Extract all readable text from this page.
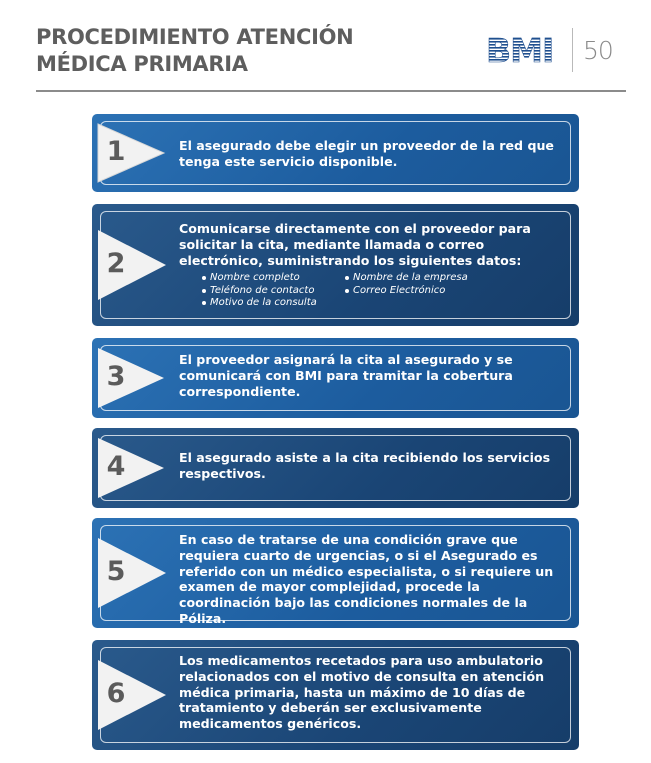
PROCEDIMIENTO ATENCIÓN
MÉDICA PRIMARIA	BMI 50
1	El asegurado debe elegir un proveedor de la red que tenga este servicio disponible.
2
Comunicarse directamente con el proveedor para solicitar la cita, mediante llamada o correo electrónico, suministrando los siguientes datos:
Nombre completo
Teléfono de contacto
Motivo de la consulta
Nombre de la empresa
Correo Electrónico
3
El proveedor asignará la cita al asegurado y se comunicará con BMI para tramitar la cobertura correspondiente.
4	El asegurado asiste a la cita recibiendo los servicios respectivos.
5
En caso de tratarse de una condición grave que requiera cuarto de urgencias, o si el Asegurado es referido con un médico especialista, o si requiere un examen de mayor complejidad, procede la coordinación bajo las condiciones normales de la Póliza.
6
Los medicamentos recetados para uso ambulatorio relacionados con el motivo de consulta en atención médica primaria, hasta un máximo de 10 días de tratamiento y deberán ser exclusivamente medicamentos genéricos.
